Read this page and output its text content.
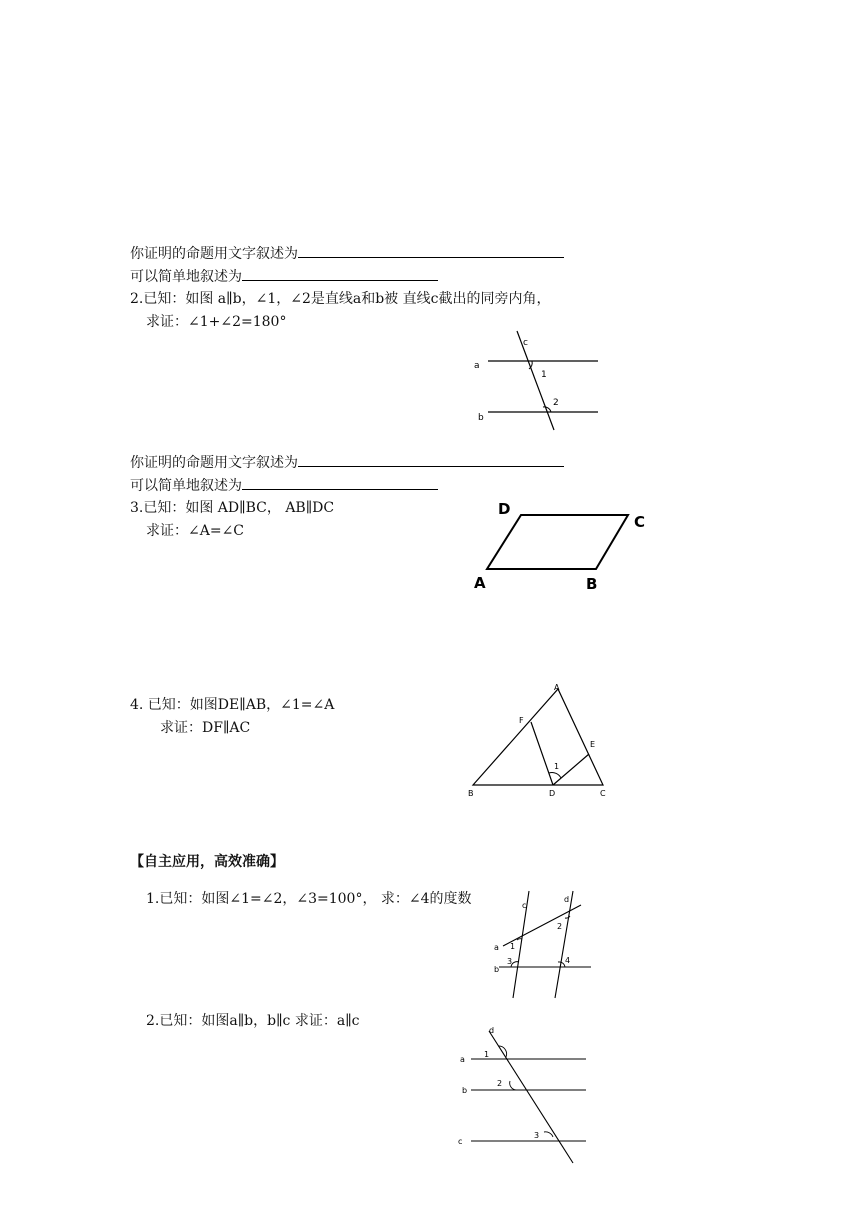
你证明的命题用文字叙述为
可以简单地叙述为
2.已知：如图 a∥b，∠1，∠2是直线a和b被 直线c截出的同旁内角，
求证：∠1+∠2=180°
a
b
c
1
2
你证明的命题用文字叙述为
可以简单地叙述为
3.已知：如图 AD∥BC， AB∥DC
求证：∠A=∠C
D
C
A	B
4. 已知：如图DE∥AB，∠1=∠A
求证：DF∥AC
A
F
E
1
B	D	C
【自主应用，高效准确】
1.已知：如图∠1=∠2，∠3=100°， 求：∠4的度数	c
d
a
b
1
2
3	4
2.已知：如图a∥b，b∥c 求证：a∥c
d
a
b
c
1
2
3
